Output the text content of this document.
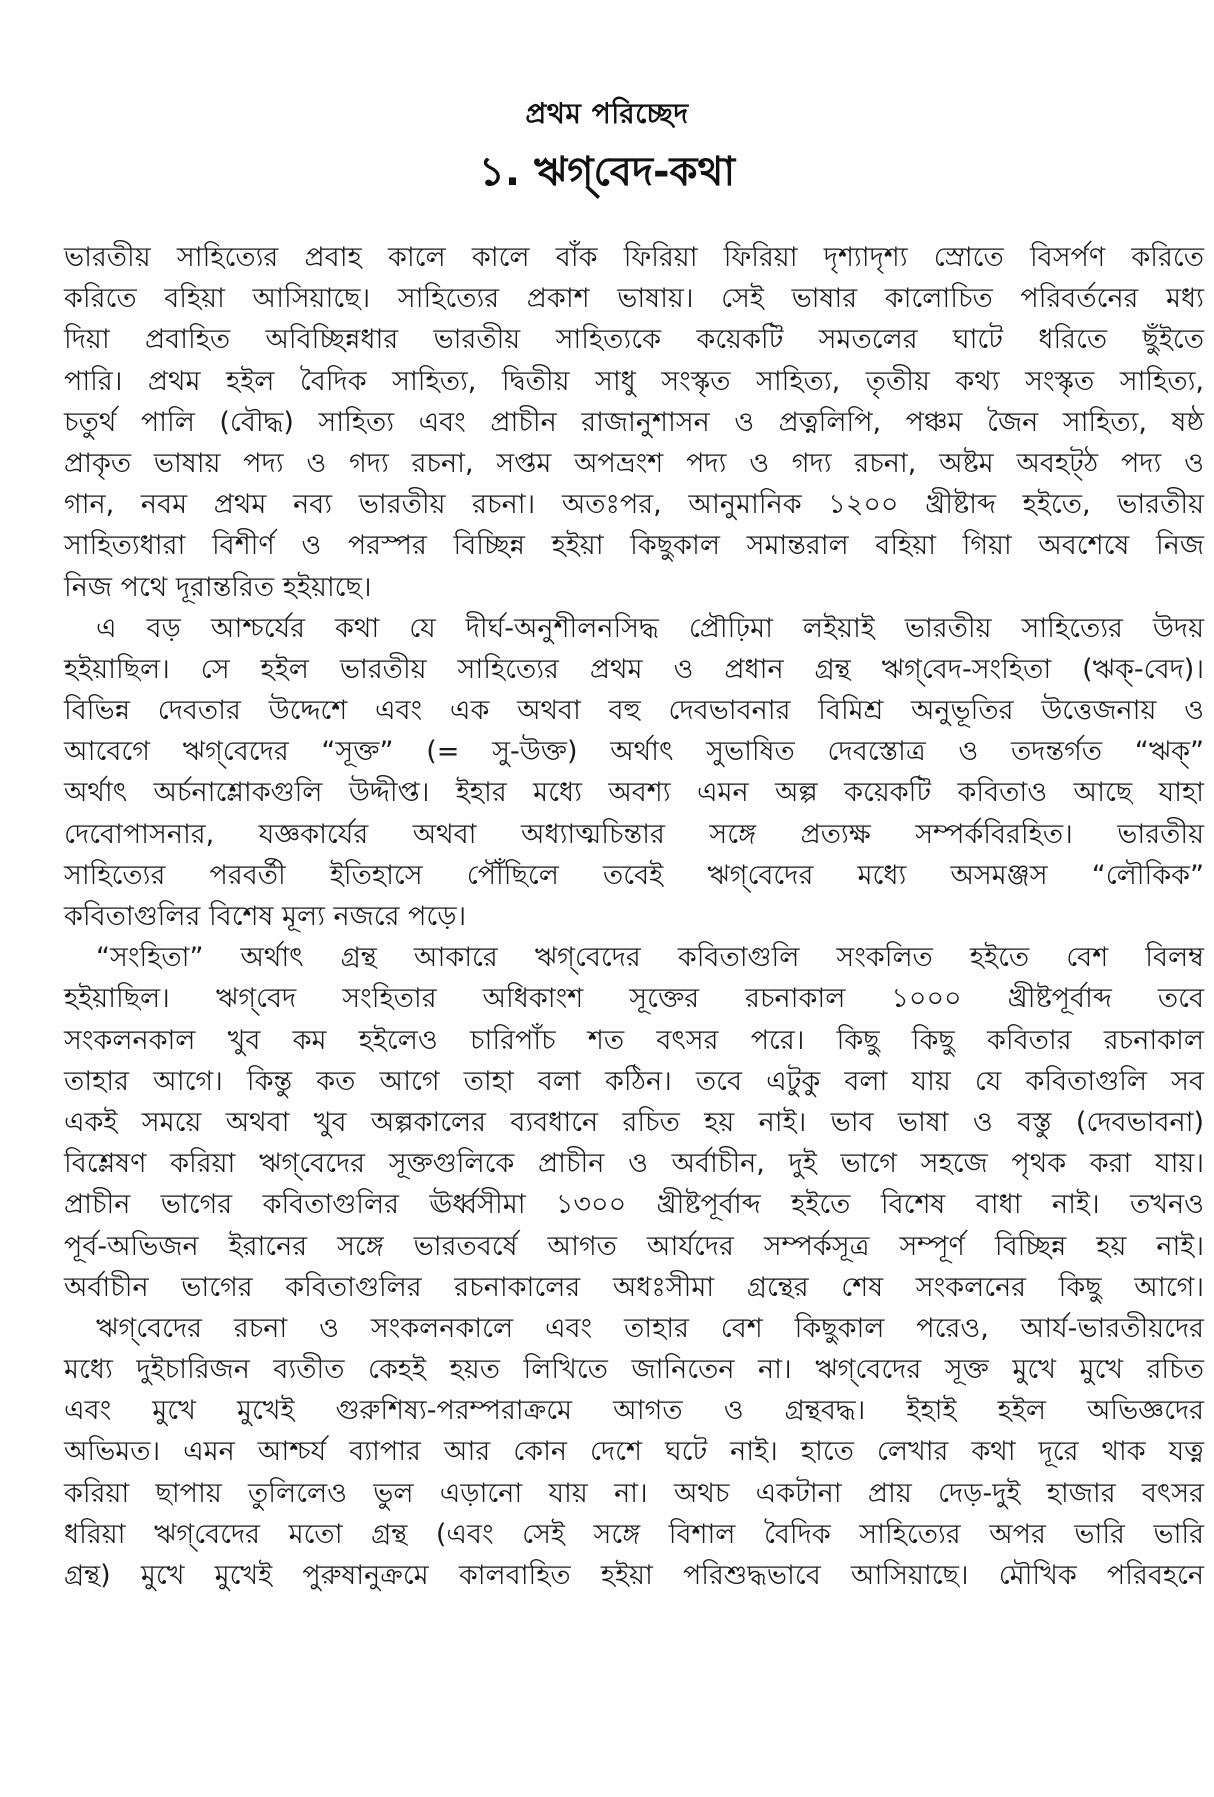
প্রথম পরিচ্ছেদ
১. ঋগ্‌বেদ-কথা
ভারতীয় সাহিত্যের প্রবাহ কালে কালে বাঁক ফিরিয়া ফিরিয়া দৃশ্যাদৃশ্য স্রোতে বিসর্পণ করিতে
করিতে বহিয়া আসিয়াছে। সাহিত্যের প্রকাশ ভাষায়। সেই ভাষার কালোচিত পরিবর্তনের মধ্য
দিয়া প্রবাহিত অবিচ্ছিন্নধার ভারতীয় সাহিত্যকে কয়েকটি সমতলের ঘাটে ধরিতে ছুঁইতে
পারি। প্রথম হইল বৈদিক সাহিত্য, দ্বিতীয় সাধু সংস্কৃত সাহিত্য, তৃতীয় কথ্য সংস্কৃত সাহিত্য,
চতুর্থ পালি (বৌদ্ধ) সাহিত্য এবং প্রাচীন রাজানুশাসন ও প্রত্নলিপি, পঞ্চম জৈন সাহিত্য, ষষ্ঠ
প্রাকৃত ভাষায় পদ্য ও গদ্য রচনা, সপ্তম অপভ্রংশ পদ্য ও গদ্য রচনা, অষ্টম অবহট্‌ঠ পদ্য ও
গান, নবম প্রথম নব্য ভারতীয় রচনা। অতঃপর, আনুমানিক ১২০০ খ্রীষ্টাব্দ হইতে, ভারতীয়
সাহিত্যধারা বিশীর্ণ ও পরস্পর বিচ্ছিন্ন হইয়া কিছুকাল সমান্তরাল বহিয়া গিয়া অবশেষে নিজ
নিজ পথে দূরান্তরিত হইয়াছে।
এ বড় আশ্চর্যের কথা যে দীর্ঘ-অনুশীলনসিদ্ধ প্রৌঢ়িমা লইয়াই ভারতীয় সাহিত্যের উদয়
হইয়াছিল। সে হইল ভারতীয় সাহিত্যের প্রথম ও প্রধান গ্রন্থ ঋগ্‌বেদ-সংহিতা (ঋক্-বেদ)।
বিভিন্ন দেবতার উদ্দেশে এবং এক অথবা বহু দেবভাবনার বিমিশ্র অনুভূতির উত্তেজনায় ও
আবেগে ঋগ্‌বেদের “সূক্ত” (= সু-উক্ত) অর্থাৎ সুভাষিত দেবস্তোত্র ও তদন্তর্গত “ঋক্”
অর্থাৎ অর্চনাশ্লোকগুলি উদ্দীপ্ত। ইহার মধ্যে অবশ্য এমন অল্প কয়েকটি কবিতাও আছে যাহা
দেবোপাসনার, যজ্ঞকার্যের অথবা অধ্যাত্মচিন্তার সঙ্গে প্রত্যক্ষ সম্পর্কবিরহিত। ভারতীয়
সাহিত্যের পরবর্তী ইতিহাসে পৌঁছিলে তবেই ঋগ্‌বেদের মধ্যে অসমঞ্জস “লৌকিক”
কবিতাগুলির বিশেষ মূল্য নজরে পড়ে।
“সংহিতা” অর্থাৎ গ্রন্থ আকারে ঋগ্‌বেদের কবিতাগুলি সংকলিত হইতে বেশ বিলম্ব
হইয়াছিল। ঋগ্‌বেদ সংহিতার অধিকাংশ সূক্তের রচনাকাল ১০০০ খ্রীষ্টপূর্বাব্দ তবে
সংকলনকাল খুব কম হইলেও চারিপাঁচ শত বৎসর পরে। কিছু কিছু কবিতার রচনাকাল
তাহার আগে। কিন্তু কত আগে তাহা বলা কঠিন। তবে এটুকু বলা যায় যে কবিতাগুলি সব
একই সময়ে অথবা খুব অল্পকালের ব্যবধানে রচিত হয় নাই। ভাব ভাষা ও বস্তু (দেবভাবনা)
বিশ্লেষণ করিয়া ঋগ্‌বেদের সূক্তগুলিকে প্রাচীন ও অর্বাচীন, দুই ভাগে সহজে পৃথক করা যায়।
প্রাচীন ভাগের কবিতাগুলির ঊর্ধ্বসীমা ১৩০০ খ্রীষ্টপূর্বাব্দ হইতে বিশেষ বাধা নাই। তখনও
পূর্ব-অভিজন ইরানের সঙ্গে ভারতবর্ষে আগত আর্যদের সম্পর্কসূত্র সম্পূর্ণ বিচ্ছিন্ন হয় নাই।
অর্বাচীন ভাগের কবিতাগুলির রচনাকালের অধঃসীমা গ্রন্থের শেষ সংকলনের কিছু আগে।
ঋগ্‌বেদের রচনা ও সংকলনকালে এবং তাহার বেশ কিছুকাল পরেও, আর্য-ভারতীয়দের
মধ্যে দুইচারিজন ব্যতীত কেহই হয়ত লিখিতে জানিতেন না। ঋগ্‌বেদের সূক্ত মুখে মুখে রচিত
এবং মুখে মুখেই গুরুশিষ্য-পরম্পরাক্রমে আগত ও গ্রন্থবদ্ধ। ইহাই হইল অভিজ্ঞদের
অভিমত। এমন আশ্চর্য ব্যাপার আর কোন দেশে ঘটে নাই। হাতে লেখার কথা দূরে থাক যত্ন
করিয়া ছাপায় তুলিলেও ভুল এড়ানো যায় না। অথচ একটানা প্রায় দেড়-দুই হাজার বৎসর
ধরিয়া ঋগ্‌বেদের মতো গ্রন্থ (এবং সেই সঙ্গে বিশাল বৈদিক সাহিত্যের অপর ভারি ভারি
গ্রন্থ) মুখে মুখেই পুরুষানুক্রমে কালবাহিত হইয়া পরিশুদ্ধভাবে আসিয়াছে। মৌখিক পরিবহনে
